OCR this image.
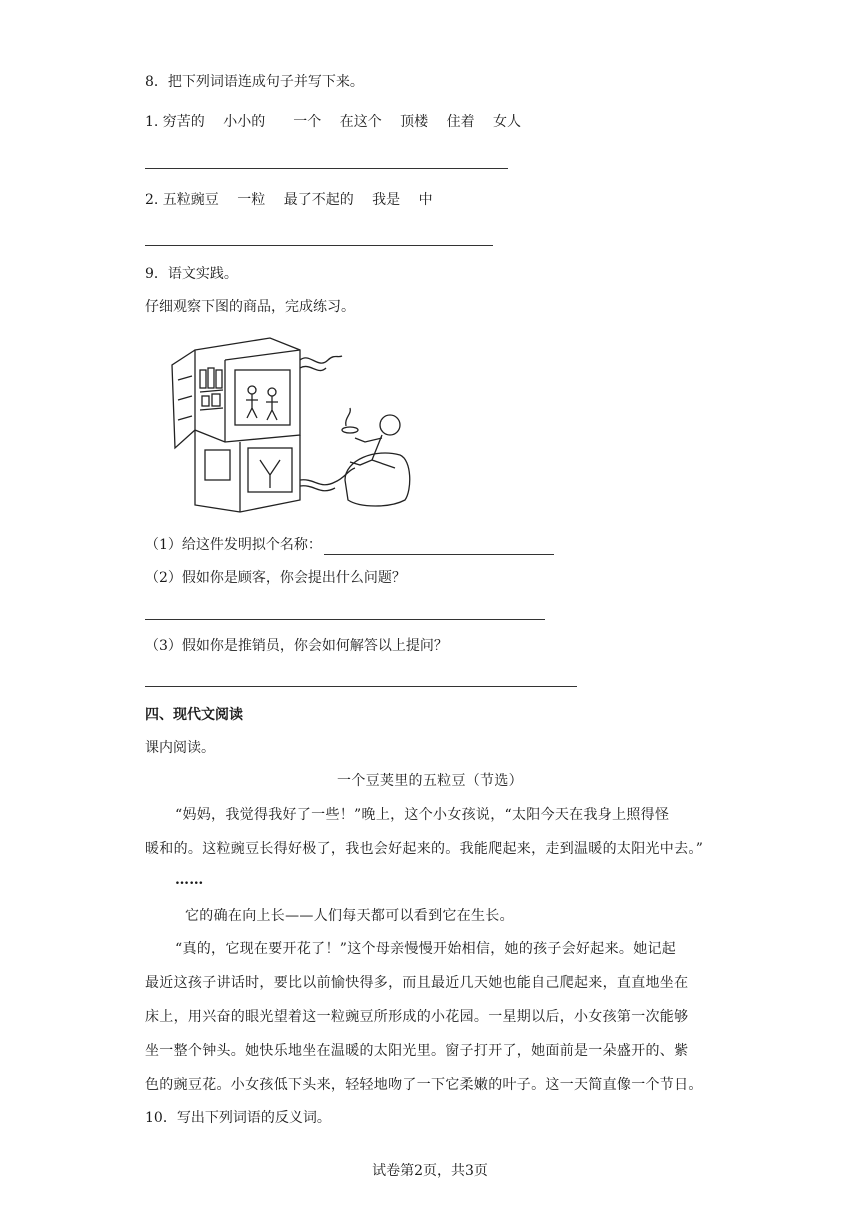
8．把下列词语连成句子并写下来。
1. 穷苦的　 小小的　　一个　 在这个　 顶楼　 住着　 女人
2. 五粒豌豆　 一粒　 最了不起的　 我是　 中
9．语文实践。
仔细观察下图的商品，完成练习。
（1）给这件发明拟个名称：
（2）假如你是顾客，你会提出什么问题？
（3）假如你是推销员，你会如何解答以上提问？
四、现代文阅读
课内阅读。
一个豆荚里的五粒豆（节选）
“妈妈，我觉得我好了一些！”晚上，这个小女孩说，“太阳今天在我身上照得怪
暖和的。这粒豌豆长得好极了，我也会好起来的。我能爬起来，走到温暖的太阳光中去。”
……
它的确在向上长——人们每天都可以看到它在生长。
“真的，它现在要开花了！”这个母亲慢慢开始相信，她的孩子会好起来。她记起
最近这孩子讲话时，要比以前愉快得多，而且最近几天她也能自己爬起来，直直地坐在
床上，用兴奋的眼光望着这一粒豌豆所形成的小花园。一星期以后，小女孩第一次能够
坐一整个钟头。她快乐地坐在温暖的太阳光里。窗子打开了，她面前是一朵盛开的、紫
色的豌豆花。小女孩低下头来，轻轻地吻了一下它柔嫩的叶子。这一天简直像一个节日。
10．写出下列词语的反义词。
试卷第2页，共3页
